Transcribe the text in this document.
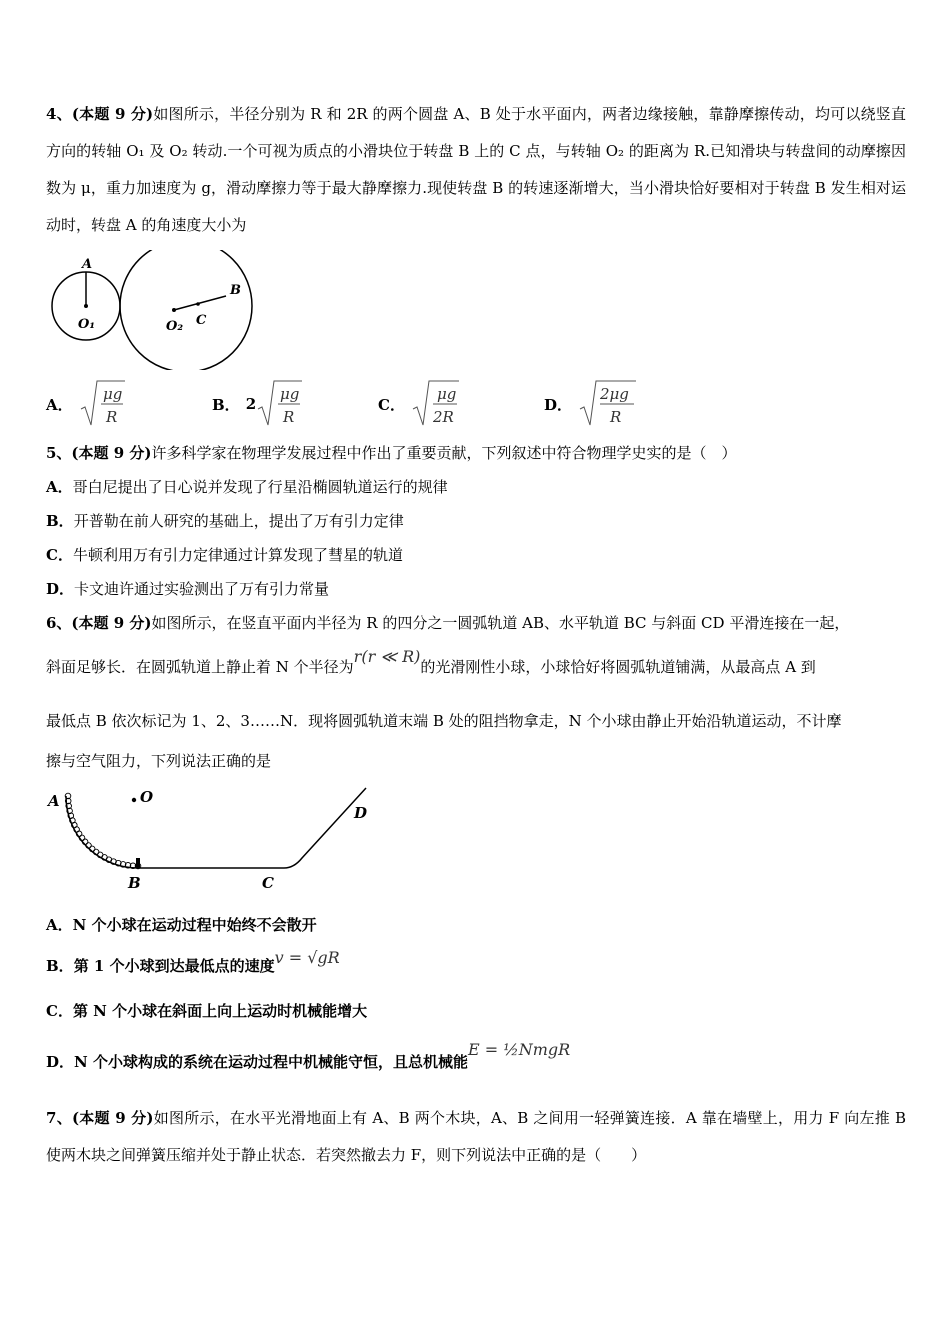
4、(本题 9 分)如图所示，半径分别为 R 和 2R 的两个圆盘 A、B 处于水平面内，两者边缘接触，靠静摩擦传动，均可以绕竖直方向的转轴 O₁ 及 O₂ 转动.一个可视为质点的小滑块位于转盘 B 上的 C 点，与转轴 O₂ 的距离为 R.已知滑块与转盘间的动摩擦因数为 μ，重力加速度为 g，滑动摩擦力等于最大静摩擦力.现使转盘 B 的转速逐渐增大，当小滑块恰好要相对于转盘 B 发生相对运动时，转盘 A 的角速度大小为

A
O₁	O₂ C
B
A．
μg
R
B． 2
μg
R
C．
μg
2R
D．
2μg
R

5、(本题 9 分)许多科学家在物理学发展过程中作出了重要贡献，下列叙述中符合物理学史实的是（　）

A．哥白尼提出了日心说并发现了行星沿椭圆轨道运行的规律

B．开普勒在前人研究的基础上，提出了万有引力定律

C．牛顿利用万有引力定律通过计算发现了彗星的轨道

D．卡文迪许通过实验测出了万有引力常量

6、(本题 9 分)如图所示，在竖直平面内半径为 R 的四分之一圆弧轨道 AB、水平轨道 BC 与斜面 CD 平滑连接在一起，

斜面足够长．在圆弧轨道上静止着 N 个半径为r(r ≪ R)的光滑刚性小球，小球恰好将圆弧轨道铺满，从最高点 A 到

最低点 B 依次标记为 1、2、3……N．现将圆弧轨道末端 B 处的阻挡物拿走，N 个小球由静止开始沿轨道运动，不计摩

擦与空气阻力，下列说法正确的是

A	O
B	C
D

A．N 个小球在运动过程中始终不会散开

B．第 1 个小球到达最低点的速度v = √gR

C．第 N 个小球在斜面上向上运动时机械能增大

D．N 个小球构成的系统在运动过程中机械能守恒，且总机械能E = ½NmgR

7、(本题 9 分)如图所示，在水平光滑地面上有 A、B 两个木块，A、B 之间用一轻弹簧连接．A 靠在墙壁上，用力 F 向左推 B 使两木块之间弹簧压缩并处于静止状态．若突然撤去力 F，则下列说法中正确的是（　　）
